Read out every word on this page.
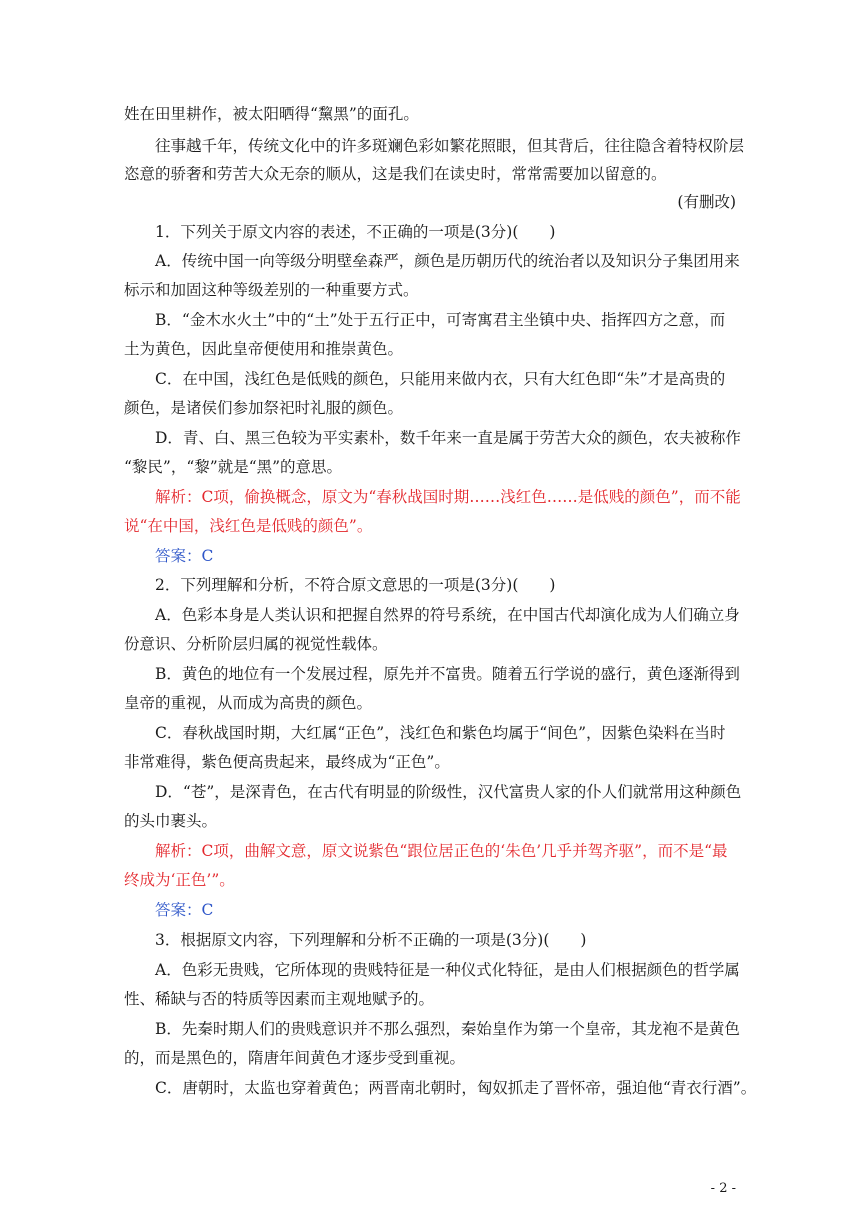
姓在田里耕作，被太阳晒得“黧黑”的面孔。
往事越千年，传统文化中的许多斑斓色彩如繁花照眼，但其背后，往往隐含着特权阶层
恣意的骄奢和劳苦大众无奈的顺从，这是我们在读史时，常常需要加以留意的。
(有删改)
1．下列关于原文内容的表述，不正确的一项是(3分)(　　)
A．传统中国一向等级分明壁垒森严，颜色是历朝历代的统治者以及知识分子集团用来
标示和加固这种等级差别的一种重要方式。
B．“金木水火土”中的“土”处于五行正中，可寄寓君主坐镇中央、指挥四方之意，而
土为黄色，因此皇帝便使用和推崇黄色。
C．在中国，浅红色是低贱的颜色，只能用来做内衣，只有大红色即“朱”才是高贵的
颜色，是诸侯们参加祭祀时礼服的颜色。
D．青、白、黑三色较为平实素朴，数千年来一直是属于劳苦大众的颜色，农夫被称作
“黎民”，“黎”就是“黑”的意思。
解析：C项，偷换概念，原文为“春秋战国时期……浅红色……是低贱的颜色”，而不能
说“在中国，浅红色是低贱的颜色”。
答案：C
2．下列理解和分析，不符合原文意思的一项是(3分)(　　)
A．色彩本身是人类认识和把握自然界的符号系统，在中国古代却演化成为人们确立身
份意识、分析阶层归属的视觉性载体。
B．黄色的地位有一个发展过程，原先并不富贵。随着五行学说的盛行，黄色逐渐得到
皇帝的重视，从而成为高贵的颜色。
C．春秋战国时期，大红属“正色”，浅红色和紫色均属于“间色”，因紫色染料在当时
非常难得，紫色便高贵起来，最终成为“正色”。
D．“苍”，是深青色，在古代有明显的阶级性，汉代富贵人家的仆人们就常用这种颜色
的头巾裹头。
解析：C项，曲解文意，原文说紫色“跟位居正色的‘朱色’几乎并驾齐驱”，而不是“最
终成为‘正色’”。
答案：C
3．根据原文内容，下列理解和分析不正确的一项是(3分)(　　)
A．色彩无贵贱，它所体现的贵贱特征是一种仪式化特征，是由人们根据颜色的哲学属
性、稀缺与否的特质等因素而主观地赋予的。
B．先秦时期人们的贵贱意识并不那么强烈，秦始皇作为第一个皇帝，其龙袍不是黄色
的，而是黑色的，隋唐年间黄色才逐步受到重视。
C．唐朝时，太监也穿着黄色；两晋南北朝时，匈奴抓走了晋怀帝，强迫他“青衣行酒”。
- 2 -
